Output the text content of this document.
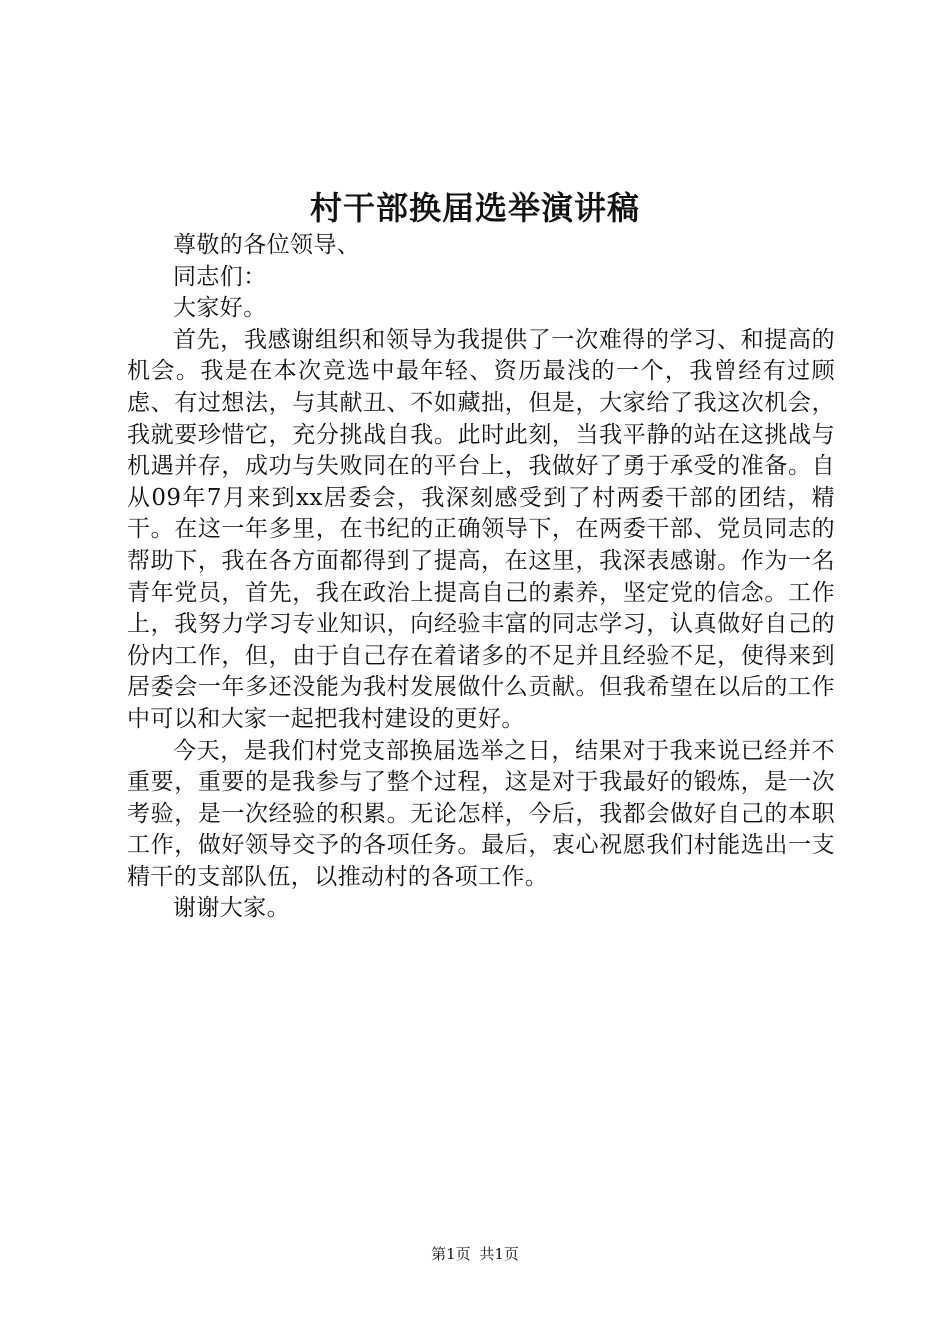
村干部换届选举演讲稿

尊敬的各位领导、

同志们：

大家好。

首先，我感谢组织和领导为我提供了一次难得的学习、和提高的机会。我是在本次竞选中最年轻、资历最浅的一个，我曾经有过顾虑、有过想法，与其献丑、不如藏拙，但是，大家给了我这次机会，我就要珍惜它，充分挑战自我。此时此刻，当我平静的站在这挑战与机遇并存，成功与失败同在的平台上，我做好了勇于承受的准备。自从09年7月来到xx居委会，我深刻感受到了村两委干部的团结，精干。在这一年多里，在书纪的正确领导下，在两委干部、党员同志的帮助下，我在各方面都得到了提高，在这里，我深表感谢。作为一名青年党员，首先，我在政治上提高自己的素养，坚定党的信念。工作上，我努力学习专业知识，向经验丰富的同志学习，认真做好自己的份内工作，但，由于自己存在着诸多的不足并且经验不足，使得来到居委会一年多还没能为我村发展做什么贡献。但我希望在以后的工作中可以和大家一起把我村建设的更好。

今天，是我们村党支部换届选举之日，结果对于我来说已经并不重要，重要的是我参与了整个过程，这是对于我最好的锻炼，是一次考验，是一次经验的积累。无论怎样，今后，我都会做好自己的本职工作，做好领导交予的各项任务。最后，衷心祝愿我们村能选出一支精干的支部队伍，以推动村的各项工作。

谢谢大家。

第1页 共1页
